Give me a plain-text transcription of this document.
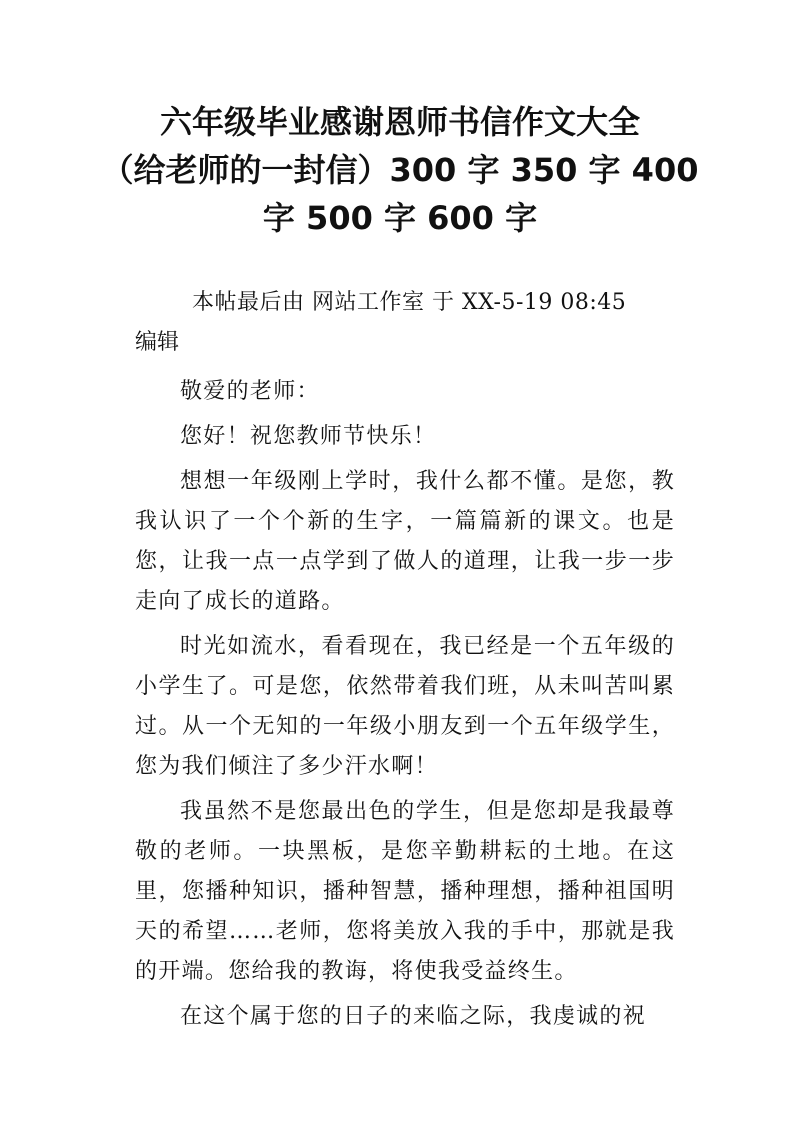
六年级毕业感谢恩师书信作文大全
（给老师的一封信）300 字 350 字 400
字 500 字 600 字
本帖最后由 网站工作室 于 XX-5-19 08:45
编辑

敬爱的老师：

您好！祝您教师节快乐！

想想一年级刚上学时，我什么都不懂。是您，教我认识了一个个新的生字，一篇篇新的课文。也是您，让我一点一点学到了做人的道理，让我一步一步走向了成长的道路。

时光如流水，看看现在，我已经是一个五年级的小学生了。可是您，依然带着我们班，从未叫苦叫累过。从一个无知的一年级小朋友到一个五年级学生，您为我们倾注了多少汗水啊！

我虽然不是您最出色的学生，但是您却是我最尊敬的老师。一块黑板，是您辛勤耕耘的土地。在这里，您播种知识，播种智慧，播种理想，播种祖国明天的希望……老师，您将美放入我的手中，那就是我的开端。您给我的教诲，将使我受益终生。

在这个属于您的日子的来临之际，我虔诚的祝
